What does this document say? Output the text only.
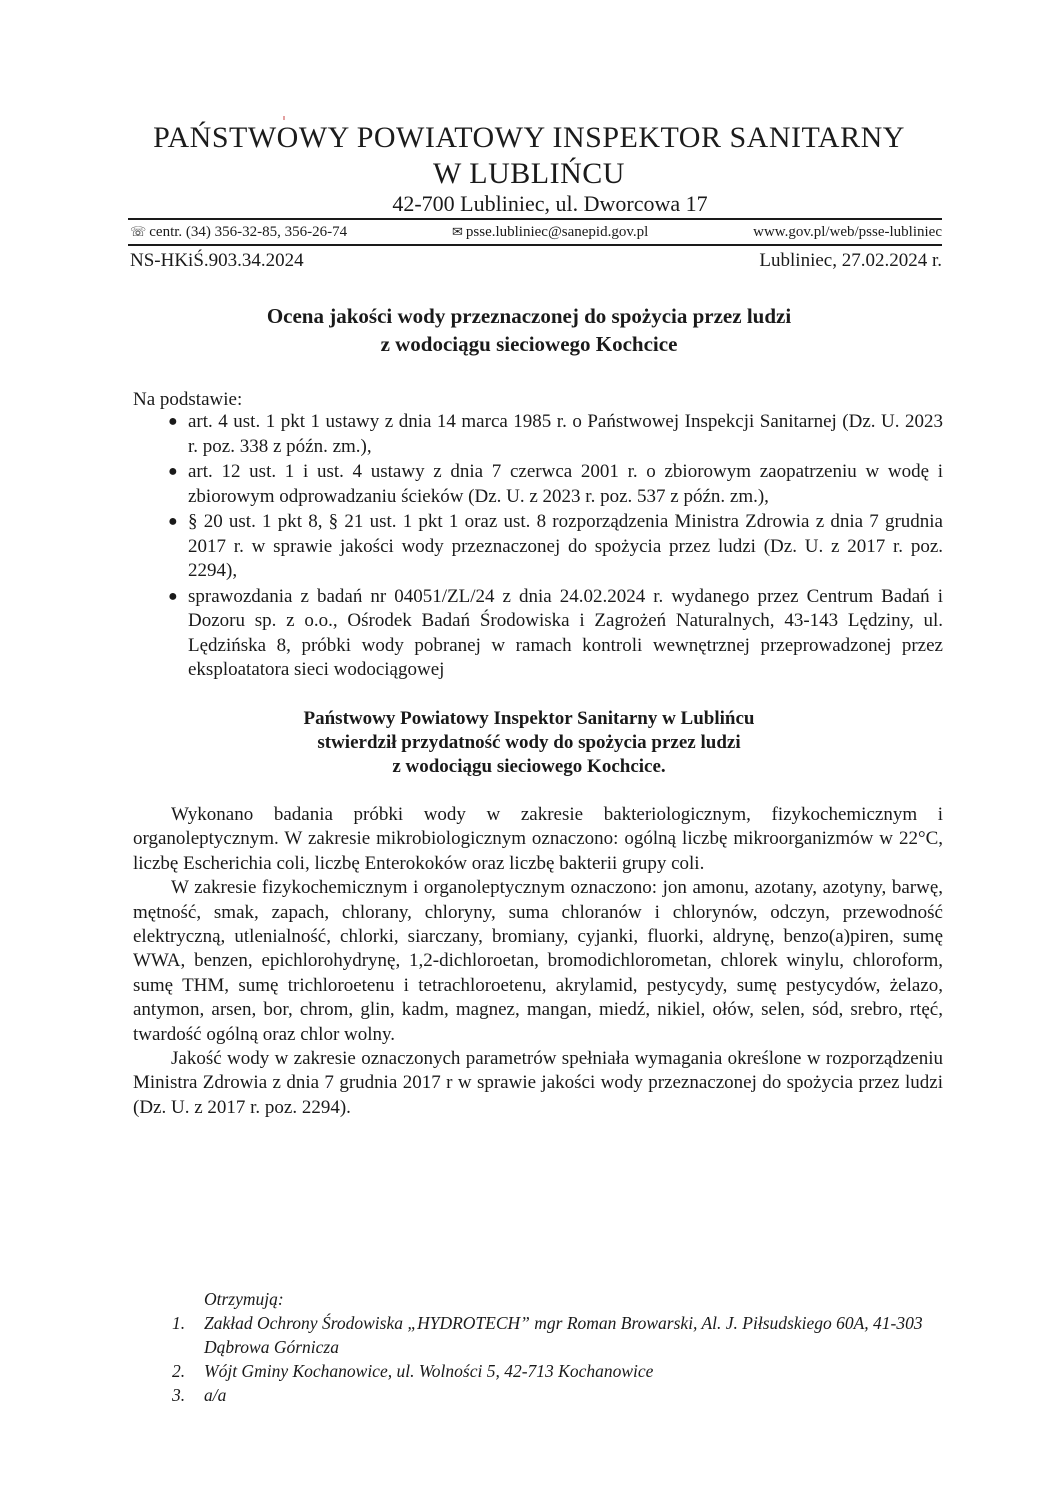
PAŃSTWOWY POWIATOWY INSPEKTOR SANITARNY
W LUBLIŃCU
42-700 Lubliniec, ul. Dworcowa 17
☏ centr. (34) 356-32-85, 356-26-74	✉ psse.lubliniec@sanepid.gov.pl	www.gov.pl/web/psse-lubliniec
NS-HKiŚ.903.34.2024	Lubliniec, 27.02.2024 r.
Ocena jakości wody przeznaczonej do spożycia przez ludzi
z wodociągu sieciowego Kochcice
Na podstawie:
● art. 4 ust. 1 pkt 1 ustawy z dnia 14 marca 1985 r. o Państwowej Inspekcji Sanitarnej (Dz. U. 2023 r. poz. 338 z późn. zm.),
● art. 12 ust. 1 i ust. 4 ustawy z dnia 7 czerwca 2001 r. o zbiorowym zaopatrzeniu w wodę i zbiorowym odprowadzaniu ścieków (Dz. U. z 2023 r. poz. 537 z późn. zm.),
● § 20 ust. 1 pkt 8, § 21 ust. 1 pkt 1 oraz ust. 8 rozporządzenia Ministra Zdrowia z dnia 7 grudnia 2017 r. w sprawie jakości wody przeznaczonej do spożycia przez ludzi (Dz. U. z 2017 r. poz. 2294),
● sprawozdania z badań nr 04051/ZL/24 z dnia 24.02.2024 r. wydanego przez Centrum Badań i Dozoru sp. z o.o., Ośrodek Badań Środowiska i Zagrożeń Naturalnych, 43-143 Lędziny, ul. Lędzińska 8, próbki wody pobranej w ramach kontroli wewnętrznej przeprowadzonej przez eksploatatora sieci wodociągowej
Państwowy Powiatowy Inspektor Sanitarny w Lublińcu
stwierdził przydatność wody do spożycia przez ludzi
z wodociągu sieciowego Kochcice.

Wykonano badania próbki wody w zakresie bakteriologicznym, fizykochemicznym i organoleptycznym. W zakresie mikrobiologicznym oznaczono: ogólną liczbę mikroorganizmów w 22°C, liczbę Escherichia coli, liczbę Enterokoków oraz liczbę bakterii grupy coli.

W zakresie fizykochemicznym i organoleptycznym oznaczono: jon amonu, azotany, azotyny, barwę, mętność, smak, zapach, chlorany, chloryny, suma chloranów i chlorynów, odczyn, przewodność elektryczną, utlenialność, chlorki, siarczany, bromiany, cyjanki, fluorki, aldrynę, benzo(a)piren, sumę WWA, benzen, epichlorohydrynę, 1,2-dichloroetan, bromodichlorometan, chlorek winylu, chloroform, sumę THM, sumę trichloroetenu i tetrachloroetenu, akrylamid, pestycydy, sumę pestycydów, żelazo, antymon, arsen, bor, chrom, glin, kadm, magnez, mangan, miedź, nikiel, ołów, selen, sód, srebro, rtęć, twardość ogólną oraz chlor wolny.

Jakość wody w zakresie oznaczonych parametrów spełniała wymagania określone w rozporządzeniu Ministra Zdrowia z dnia 7 grudnia 2017 r w sprawie jakości wody przeznaczonej do spożycia przez ludzi (Dz. U. z 2017 r. poz. 2294).

Otrzymują:
1. Zakład Ochrony Środowiska „HYDROTECH” mgr Roman Browarski, Al. J. Piłsudskiego 60A, 41-303 Dąbrowa Górnicza
2. Wójt Gminy Kochanowice, ul. Wolności 5, 42-713 Kochanowice
3. a/a
